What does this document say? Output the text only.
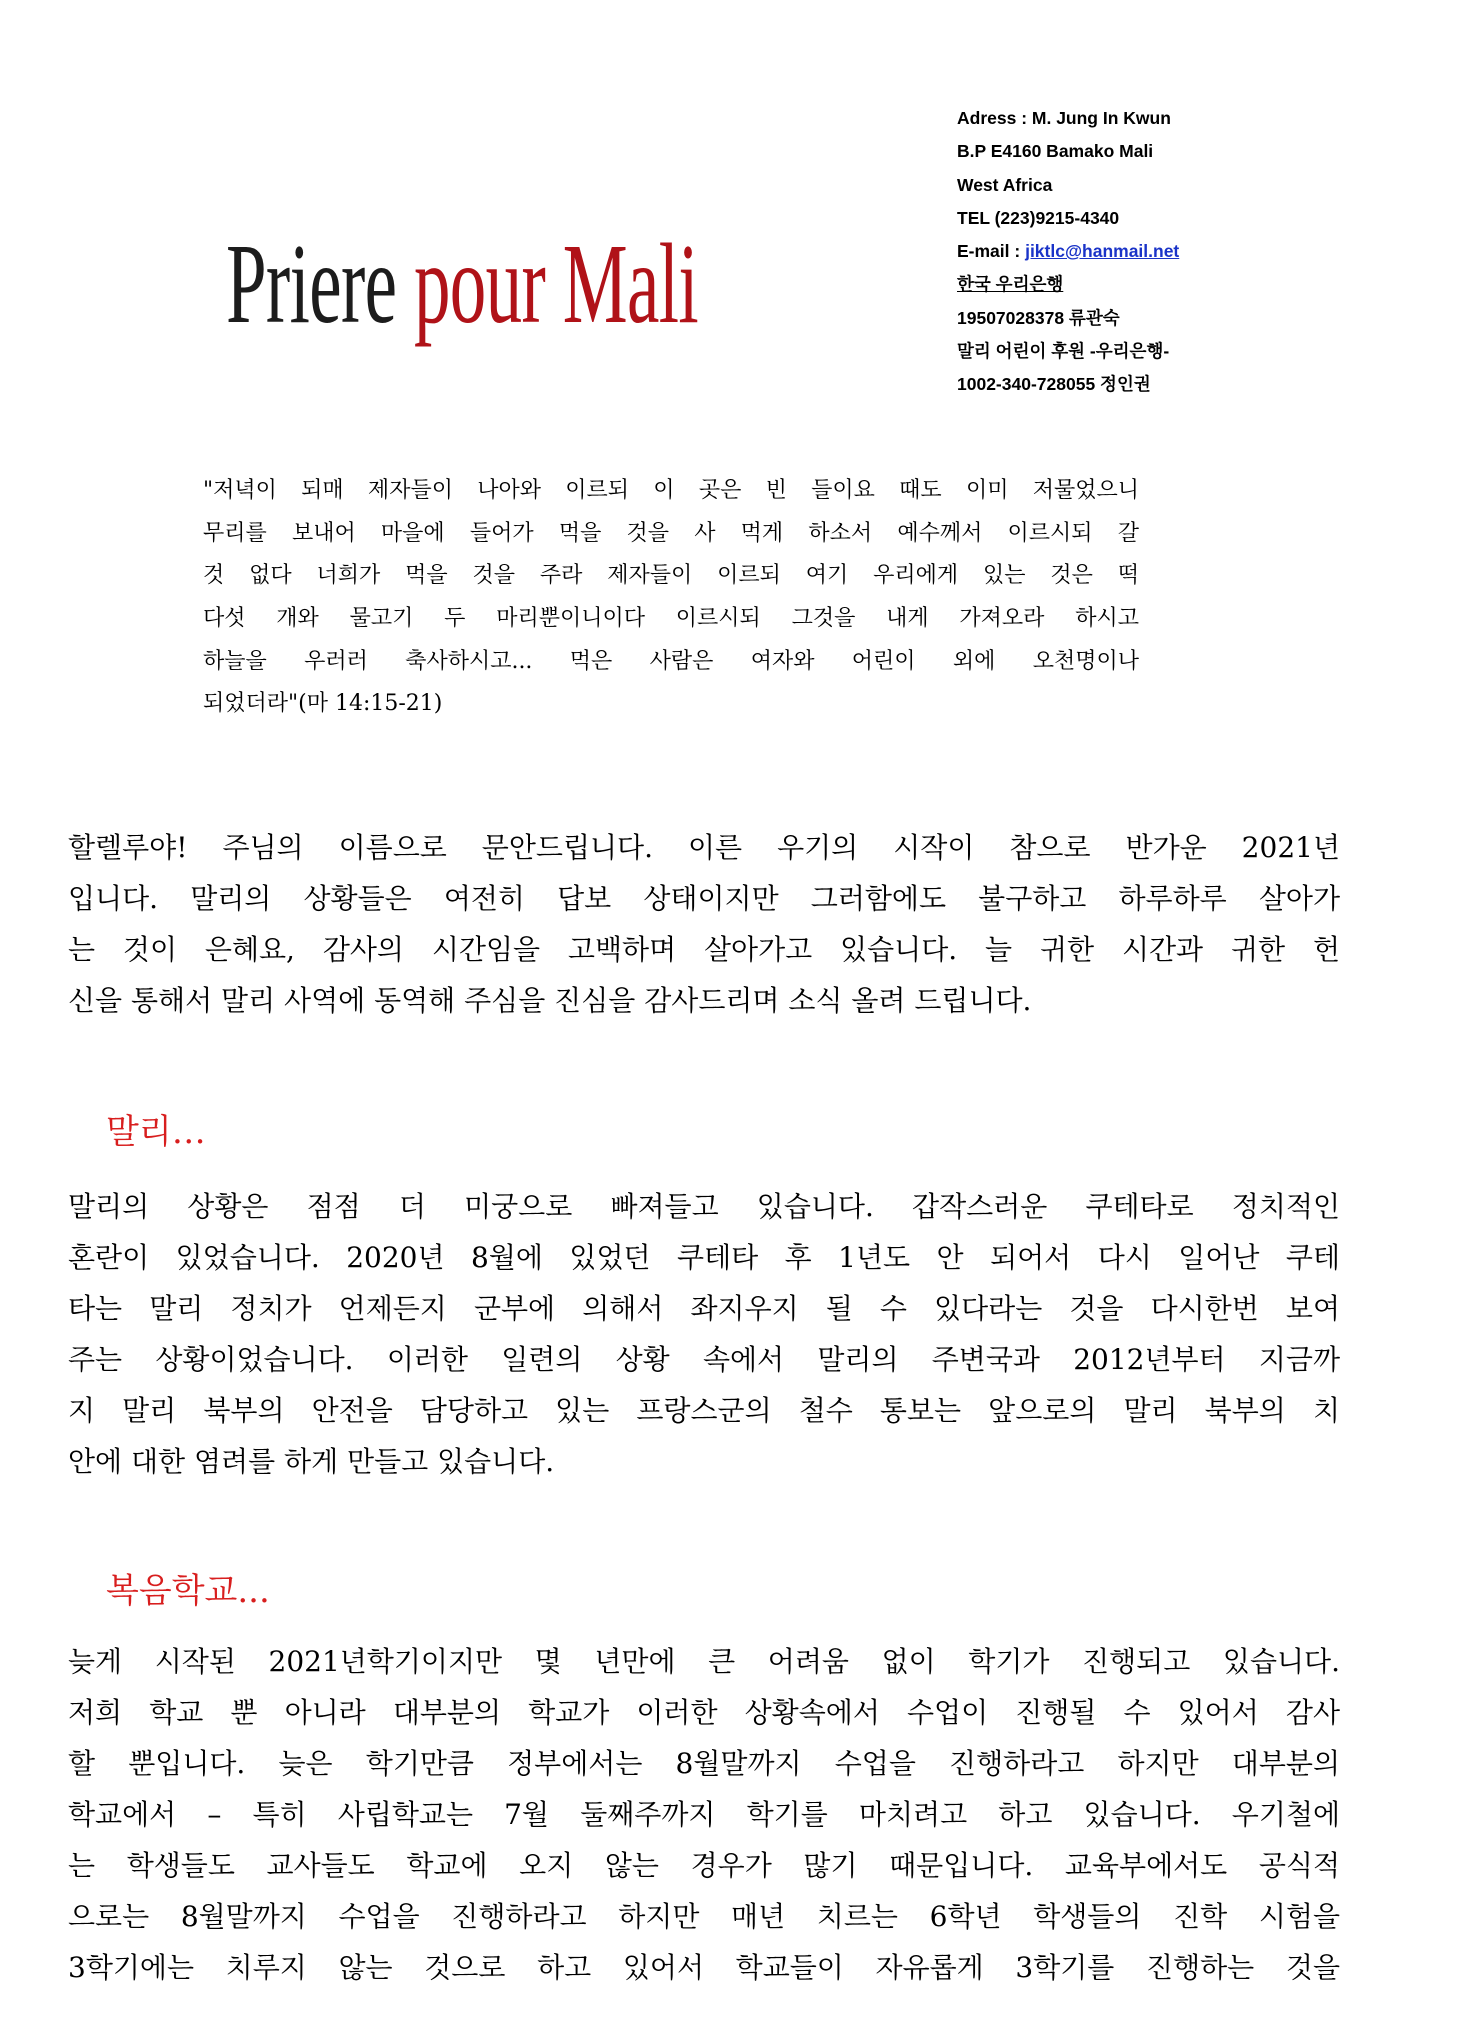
Priere pour Mali
Adress : M. Jung In Kwun
B.P E4160 Bamako Mali
West Africa
TEL (223)9215-4340
E-mail : jiktlc@hanmail.net
한국 우리은행
19507028378 류관숙
말리 어린이 후원 -우리은행-
1002-340-728055 정인권
"저녁이 되매 제자들이 나아와 이르되 이 곳은 빈 들이요 때도 이미 저물었으니
무리를 보내어 마을에 들어가 먹을 것을 사 먹게 하소서 예수께서 이르시되 갈
것 없다 너희가 먹을 것을 주라 제자들이 이르되 여기 우리에게 있는 것은 떡
다섯 개와 물고기 두 마리뿐이니이다 이르시되 그것을 내게 가져오라 하시고
하늘을 우러러 축사하시고... 먹은 사람은 여자와 어린이 외에 오천명이나
되었더라"(마 14:15-21)
할렐루야! 주님의 이름으로 문안드립니다. 이른 우기의 시작이 참으로 반가운 2021년
입니다. 말리의 상황들은 여전히 답보 상태이지만 그러함에도 불구하고 하루하루 살아가
는 것이 은혜요, 감사의 시간임을 고백하며 살아가고 있습니다. 늘 귀한 시간과 귀한 헌
신을 통해서 말리 사역에 동역해 주심을 진심을 감사드리며 소식 올려 드립니다.
말리…
말리의 상황은 점점 더 미궁으로 빠져들고 있습니다. 갑작스러운 쿠테타로 정치적인
혼란이 있었습니다. 2020년 8월에 있었던 쿠테타 후 1년도 안 되어서 다시 일어난 쿠테
타는 말리 정치가 언제든지 군부에 의해서 좌지우지 될 수 있다라는 것을 다시한번 보여
주는 상황이었습니다. 이러한 일련의 상황 속에서 말리의 주변국과 2012년부터 지금까
지 말리 북부의 안전을 담당하고 있는 프랑스군의 철수 통보는 앞으로의 말리 북부의 치
안에 대한 염려를 하게 만들고 있습니다.
복음학교...
늦게 시작된 2021년학기이지만 몇 년만에 큰 어려움 없이 학기가 진행되고 있습니다.
저희 학교 뿐 아니라 대부분의 학교가 이러한 상황속에서 수업이 진행될 수 있어서 감사
할 뿐입니다. 늦은 학기만큼 정부에서는 8월말까지 수업을 진행하라고 하지만 대부분의
학교에서 – 특히 사립학교는 7월 둘째주까지 학기를 마치려고 하고 있습니다. 우기철에
는 학생들도 교사들도 학교에 오지 않는 경우가 많기 때문입니다. 교육부에서도 공식적
으로는 8월말까지 수업을 진행하라고 하지만 매년 치르는 6학년 학생들의 진학 시험을
3학기에는 치루지 않는 것으로 하고 있어서 학교들이 자유롭게 3학기를 진행하는 것을
